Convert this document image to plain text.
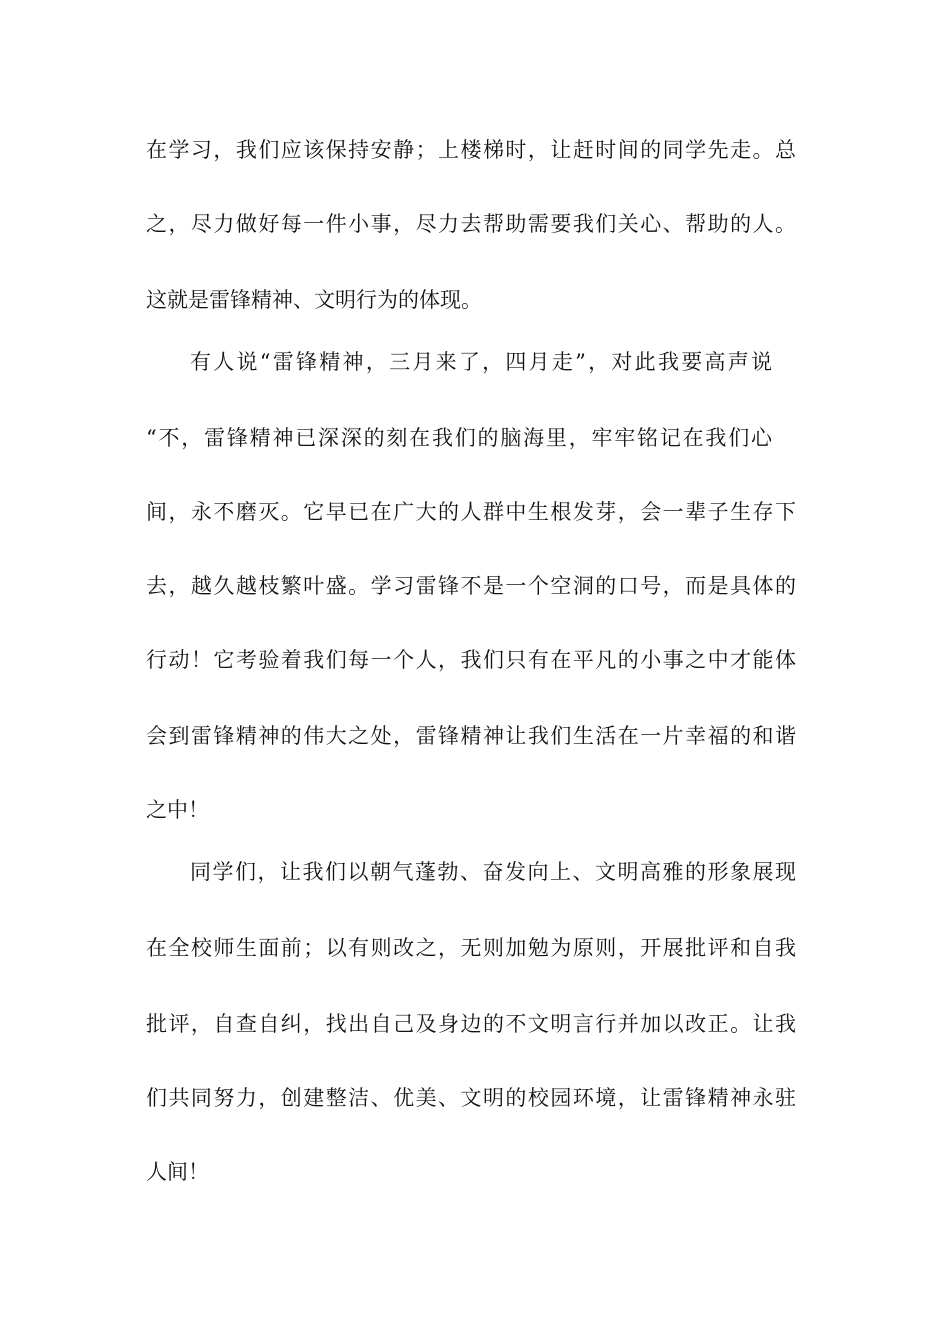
在学习，我们应该保持安静；上楼梯时，让赶时间的同学先走。总
之，尽力做好每一件小事，尽力去帮助需要我们关心、帮助的人。
这就是雷锋精神、文明行为的体现。
有人说“雷锋精神，三月来了，四月走”，对此我要高声说
“不，雷锋精神已深深的刻在我们的脑海里，牢牢铭记在我们心
间，永不磨灭。它早已在广大的人群中生根发芽，会一辈子生存下
去，越久越枝繁叶盛。学习雷锋不是一个空洞的口号，而是具体的
行动！它考验着我们每一个人，我们只有在平凡的小事之中才能体
会到雷锋精神的伟大之处，雷锋精神让我们生活在一片幸福的和谐
之中！
同学们，让我们以朝气蓬勃、奋发向上、文明高雅的形象展现
在全校师生面前；以有则改之，无则加勉为原则，开展批评和自我
批评，自查自纠，找出自己及身边的不文明言行并加以改正。让我
们共同努力，创建整洁、优美、文明的校园环境，让雷锋精神永驻
人间！
